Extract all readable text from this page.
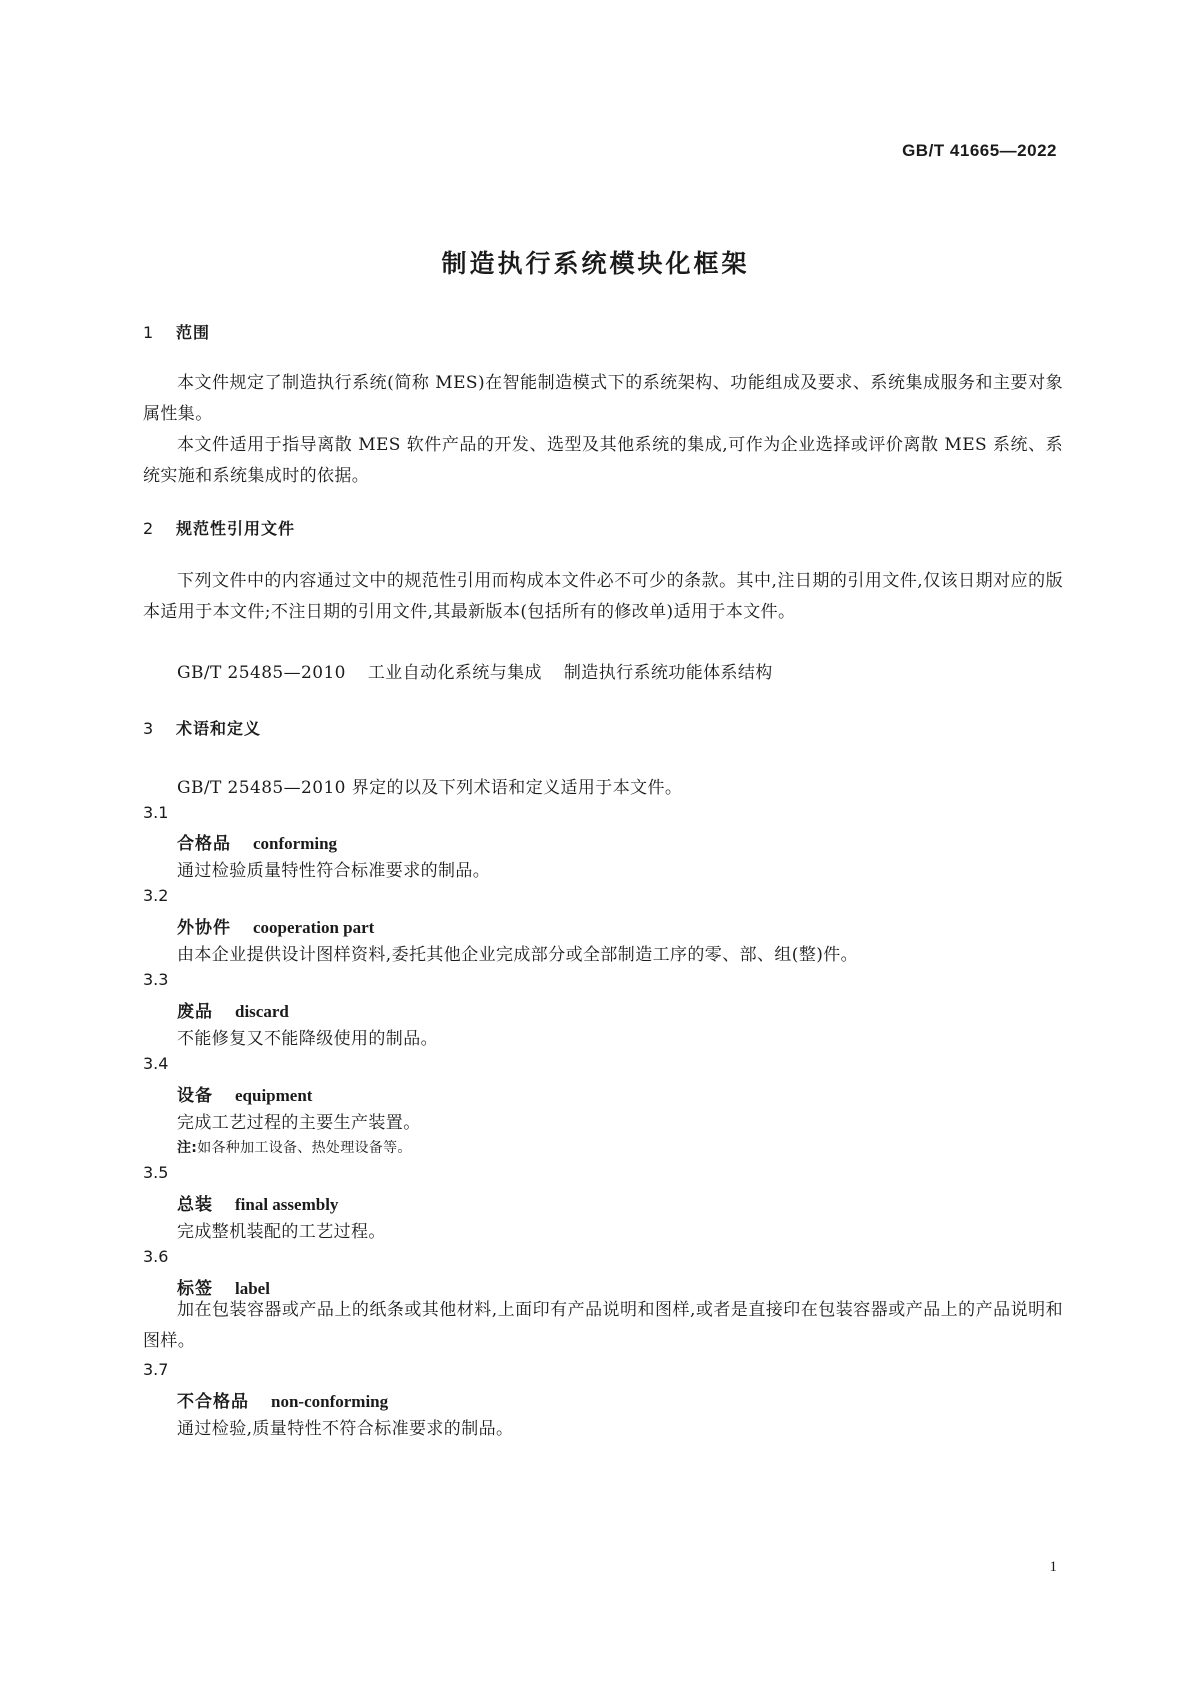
GB/T 41665—2022
制造执行系统模块化框架
1 范围
本文件规定了制造执行系统(简称 MES)在智能制造模式下的系统架构、功能组成及要求、系统集成服务和主要对象属性集。
本文件适用于指导离散 MES 软件产品的开发、选型及其他系统的集成,可作为企业选择或评价离散 MES 系统、系统实施和系统集成时的依据。
2 规范性引用文件
下列文件中的内容通过文中的规范性引用而构成本文件必不可少的条款。其中,注日期的引用文件,仅该日期对应的版本适用于本文件;不注日期的引用文件,其最新版本(包括所有的修改单)适用于本文件。
GB/T 25485—2010 工业自动化系统与集成 制造执行系统功能体系结构
3 术语和定义
GB/T 25485—2010 界定的以及下列术语和定义适用于本文件。
3.1
合格品 conforming
通过检验质量特性符合标准要求的制品。
3.2
外协件 cooperation part
由本企业提供设计图样资料,委托其他企业完成部分或全部制造工序的零、部、组(整)件。
3.3
废品 discard
不能修复又不能降级使用的制品。
3.4
设备 equipment
完成工艺过程的主要生产装置。
注:如各种加工设备、热处理设备等。
3.5
总装 final assembly
完成整机装配的工艺过程。
3.6
标签 label
加在包装容器或产品上的纸条或其他材料,上面印有产品说明和图样,或者是直接印在包装容器或产品上的产品说明和图样。
3.7
不合格品 non-conforming
通过检验,质量特性不符合标准要求的制品。
1
